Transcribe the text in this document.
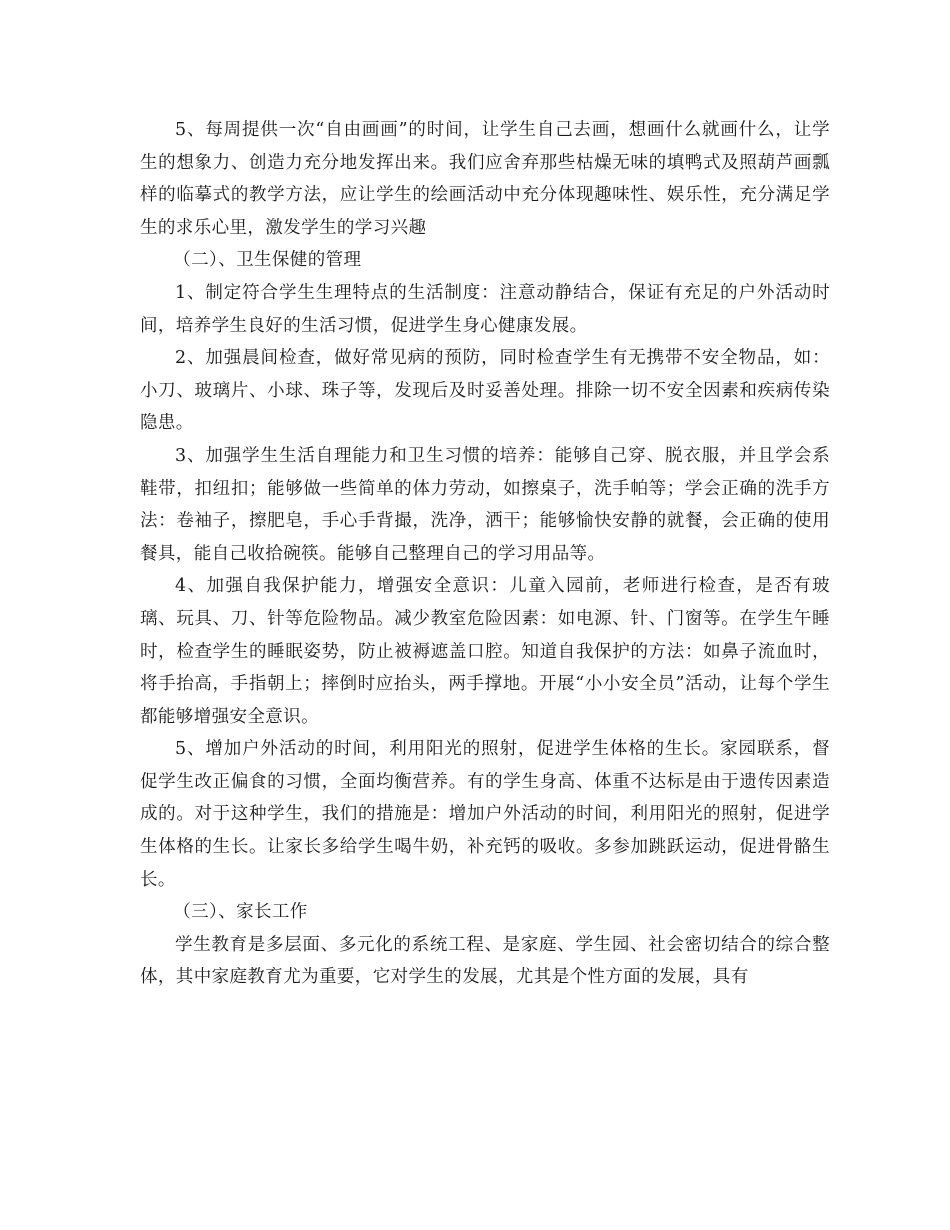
5、每周提供一次“自由画画”的时间，让学生自己去画，想画什么就画什么，让学生的想象力、创造力充分地发挥出来。我们应舍弃那些枯燥无味的填鸭式及照葫芦画瓢样的临摹式的教学方法，应让学生的绘画活动中充分体现趣味性、娱乐性，充分满足学生的求乐心里，激发学生的学习兴趣

（二）、卫生保健的管理

1、制定符合学生生理特点的生活制度：注意动静结合，保证有充足的户外活动时间，培养学生良好的生活习惯，促进学生身心健康发展。

2、加强晨间检查，做好常见病的预防，同时检查学生有无携带不安全物品，如：小刀、玻璃片、小球、珠子等，发现后及时妥善处理。排除一切不安全因素和疾病传染隐患。

3、加强学生生活自理能力和卫生习惯的培养：能够自己穿、脱衣服，并且学会系鞋带，扣纽扣；能够做一些简单的体力劳动，如擦桌子，洗手帕等；学会正确的洗手方法：卷袖子，擦肥皂，手心手背撮，洗净，洒干；能够愉快安静的就餐，会正确的使用餐具，能自己收拾碗筷。能够自己整理自己的学习用品等。

4、加强自我保护能力，增强安全意识：儿童入园前，老师进行检查，是否有玻璃、玩具、刀、针等危险物品。减少教室危险因素：如电源、针、门窗等。在学生午睡时，检查学生的睡眠姿势，防止被褥遮盖口腔。知道自我保护的方法：如鼻子流血时，将手抬高，手指朝上；摔倒时应抬头，两手撑地。开展“小小安全员”活动，让每个学生都能够增强安全意识。

5、增加户外活动的时间，利用阳光的照射，促进学生体格的生长。家园联系，督促学生改正偏食的习惯，全面均衡营养。有的学生身高、体重不达标是由于遗传因素造成的。对于这种学生，我们的措施是：增加户外活动的时间，利用阳光的照射，促进学生体格的生长。让家长多给学生喝牛奶，补充钙的吸收。多参加跳跃运动，促进骨骼生长。

（三）、家长工作

学生教育是多层面、多元化的系统工程、是家庭、学生园、社会密切结合的综合整体，其中家庭教育尤为重要，它对学生的发展，尤其是个性方面的发展，具有
